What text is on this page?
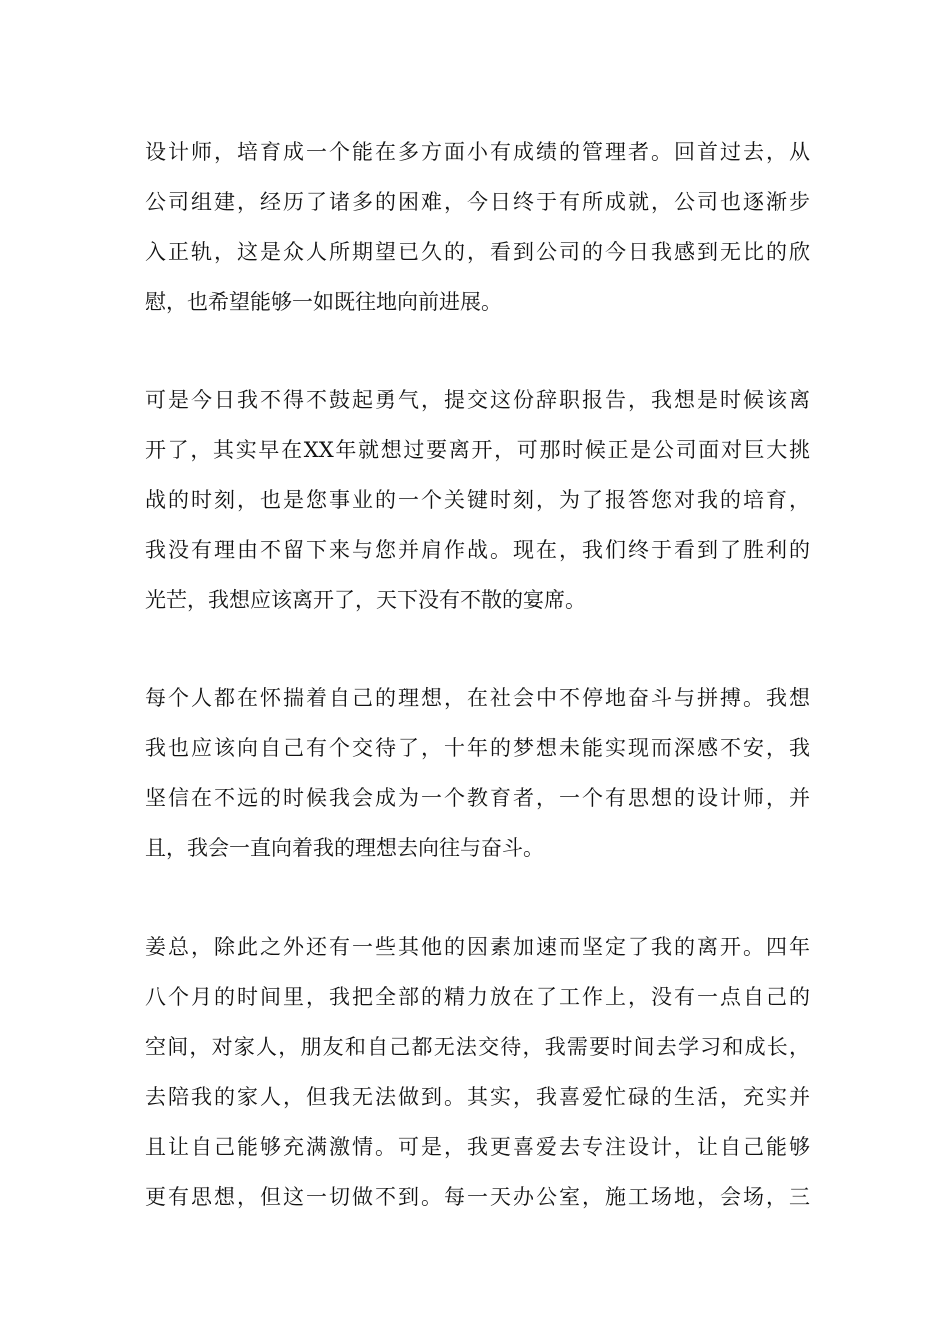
设计师，培育成一个能在多方面小有成绩的管理者。回首过去，从
公司组建，经历了诸多的困难，今日终于有所成就，公司也逐渐步
入正轨，这是众人所期望已久的，看到公司的今日我感到无比的欣
慰，也希望能够一如既往地向前进展。
可是今日我不得不鼓起勇气，提交这份辞职报告，我想是时候该离
开了，其实早在XX年就想过要离开，可那时候正是公司面对巨大挑
战的时刻，也是您事业的一个关键时刻，为了报答您对我的培育，
我没有理由不留下来与您并肩作战。现在，我们终于看到了胜利的
光芒，我想应该离开了，天下没有不散的宴席。
每个人都在怀揣着自己的理想，在社会中不停地奋斗与拼搏。我想
我也应该向自己有个交待了，十年的梦想未能实现而深感不安，我
坚信在不远的时候我会成为一个教育者，一个有思想的设计师，并
且，我会一直向着我的理想去向往与奋斗。
姜总，除此之外还有一些其他的因素加速而坚定了我的离开。四年
八个月的时间里，我把全部的精力放在了工作上，没有一点自己的
空间，对家人，朋友和自己都无法交待，我需要时间去学习和成长，
去陪我的家人，但我无法做到。其实，我喜爱忙碌的生活，充实并
且让自己能够充满激情。可是，我更喜爱去专注设计，让自己能够
更有思想，但这一切做不到。每一天办公室，施工场地，会场，三
